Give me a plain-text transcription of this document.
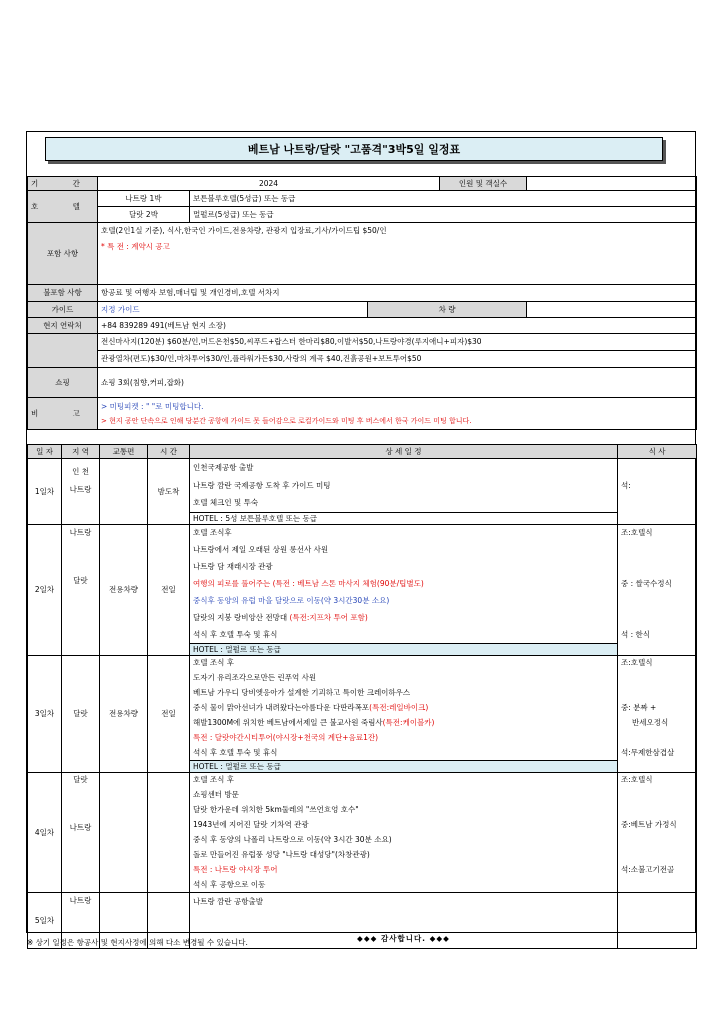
베트남 나트랑/달랏 "고품격"3박5일 일정표
기 간	2024			인원 및 객실수	
호 텔	나트랑 1박	보튼블루호텔(5성급) 또는 동급			
	달랏 2박	멀펄르(5성급) 또는 동급			
포함 사항	호텔(2인1실 기준), 식사,한국인 가이드,전용차량, 관광지 입장료,기사/가이드팁 $50/인
* 특 전 : 계약시 공고				

불포함 사항	항공료 및 여행자 보험,매너팁 및 개인경비,호텔 서차지				
가이드	지정 가이드		차 량		
현지 연락처	+84 839289 491(베트남 현지 소장)				
	전신마사지(120분) $60분/인,머드온천$50,씨푸드+랍스터 한마리$80,이발서$50,나트랑야경(루지애니+피자)$30				
	관광열차(편도)$30/인,마차투어$30/인,플라워가든$30,사랑의 계곡 $40,진흙공원+보트투어$50				
쇼핑	쇼핑 3회(침향,커피,잡화)				
비 고	> 미팅피켓 : " "로 미팅합니다.
> 현지 공안 단속으로 인해 당분간 공항에 가이드 못 들어감으로 로컬가이드와 미팅 후 버스에서 한국 가이드 미팅 합니다.				
일 자	지 역	교통편	시 간	상 세 일 정	식 사
1일차	인 천
나트랑		밤도착	인천국제공항 출발	
				나트랑 깜란 국제공항 도착 후 가이드 미팅	석:
				호텔 체크인 및 투숙	
				HOTEL : 5성 보튼블루호텔 또는 동급	
2일차	나트랑
달랏	전용차량	전일	호텔 조식후	조:호텔식
				나트랑에서 제일 오래된 상원 롱선사 사원	
				나트랑 담 재래시장 관광	
				여행의 피로를 풀어주는 (특전 : 베트남 스톤 마사지 체험(90분/팁별도)	중 : 쌀국수정식
				중식후 동양의 유럽 마을 달랏으로 이동(약 3시간30분 소요)	
				달랏의 지붕 랑비앙산 전망대 (특전:지프차 투어 포함)	
				석식 후 호텔 투숙 및 휴식	석 : 한식
				HOTEL : 멀펄르 또는 동급	
3일차	달랏	전용차량	전일	호텔 조식 후	조:호텔식
				도자기 유리조각으로만든 린푸억 사원	
				베트남 가우디 당비엣응아가 설계한 기괴하고 특이한 크레이하우스	
				중식 물이 맑아선녀가 내려왔다는아름다운 다딴라폭포(특전:레일바이크)	중: 분짜 +
				해발1300M에 위치한 베트남에서제일 큰 불교사원 죽림사(특전:케이블카)	반세오정식
				특전 : 달랏야간시티투어(야시장+천국의 계단+음료1잔)	
				석식 후 호텔 투숙 및 휴식	석:무제한삼겹살
				HOTEL : 멀펄르 또는 동급	
4일차	달랏
나트랑			호텔 조식 후	조:호텔식
				쇼핑센터 방문	
				달랏 한가운데 위치한 5km둘레의 "쓰언흐엉 호수"	
				1943년에 지어진 달랏 기차역 관광	중:베트남 가정식
				중식 후 동양의 나폴리 나트랑으로 이동(약 3시간 30분 소요)	
				돌로 만들어진 유럽풍 성당 "나트랑 대성당"(차창관광)	
				특전 : 나트랑 야시장 투어	석:소불고기전골
				석식 후 공항으로 이동	
5일차	나트랑			나트랑 깜란 공항출발	

				◆◆◆ 감사합니다. ◆◆◆	
※ 상기 일정은 항공사 및 현지사정에 의해 다소 변경될 수 있습니다.
